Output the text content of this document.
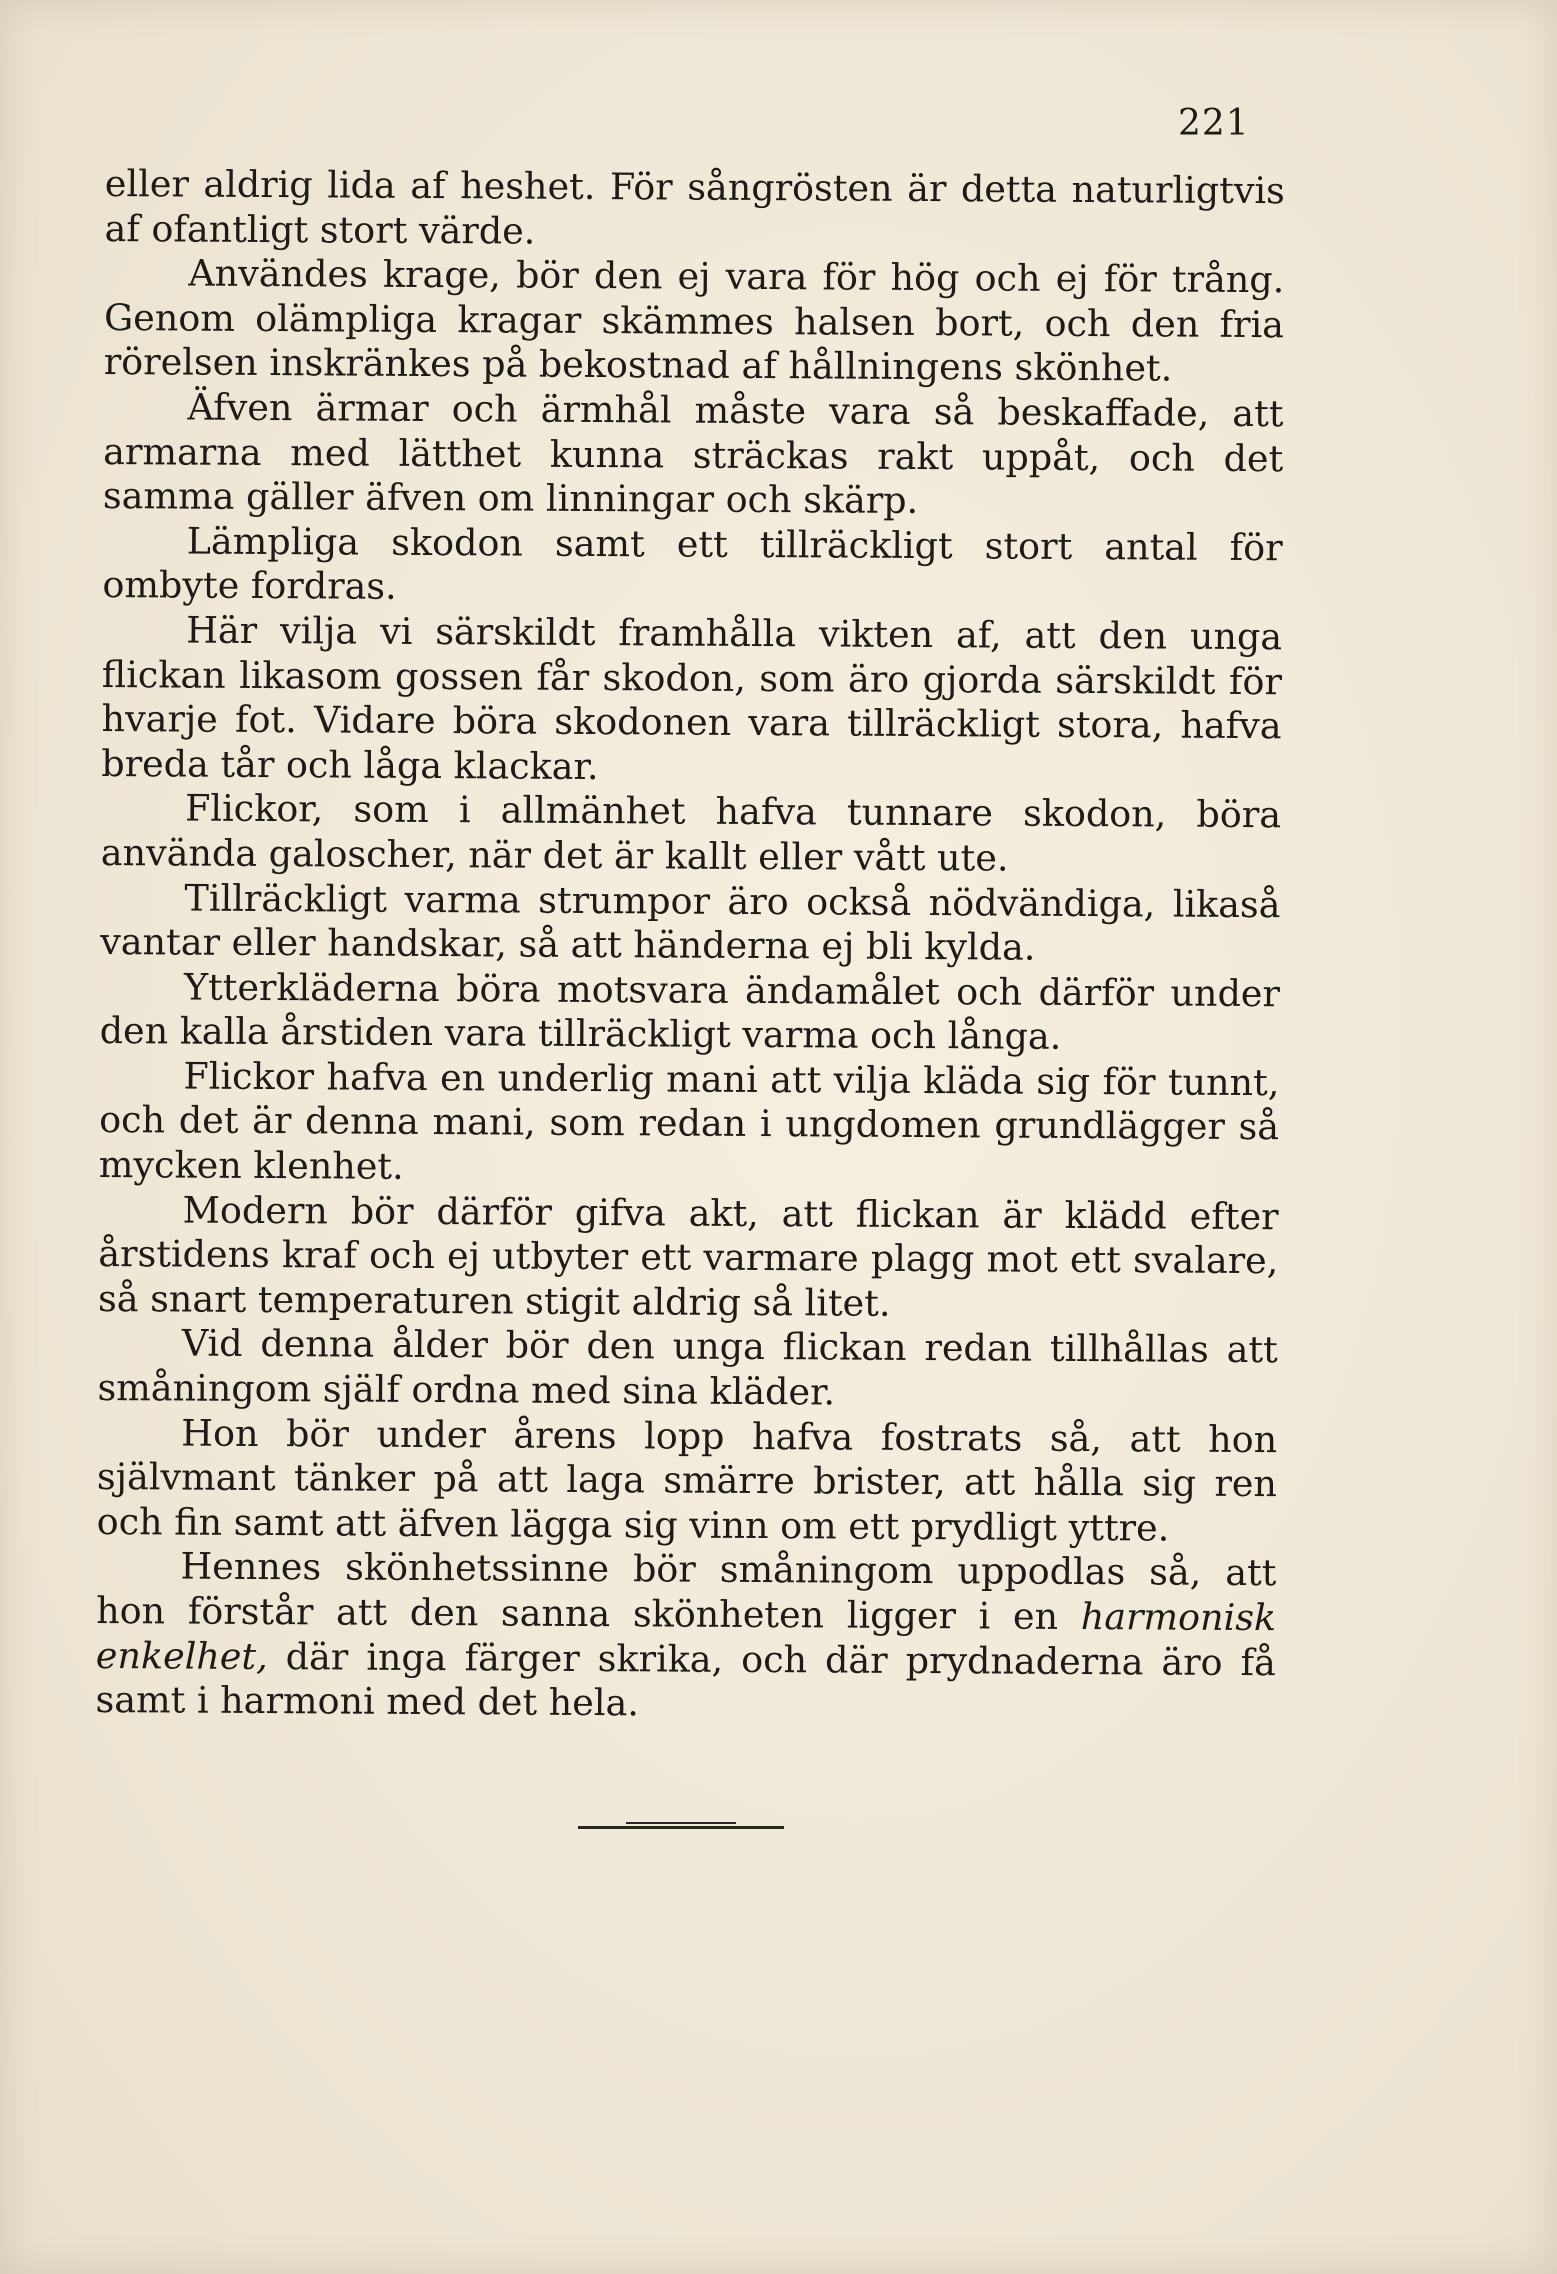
221

eller aldrig lida af heshet. För sångrösten är detta naturligtvis af ofantligt stort värde.

Användes krage, bör den ej vara för hög och ej för trång. Genom olämpliga kragar skämmes halsen bort, och den fria rörelsen inskränkes på bekostnad af hållningens skönhet.

Äfven ärmar och ärmhål måste vara så beskaffade, att armarna med lätthet kunna sträckas rakt uppåt, och det samma gäller äfven om linningar och skärp.

Lämpliga skodon samt ett tillräckligt stort antal för ombyte fordras.

Här vilja vi särskildt framhålla vikten af, att den unga flickan likasom gossen får skodon, som äro gjorda särskildt för hvarje fot. Vidare böra skodonen vara tillräckligt stora, hafva breda tår och låga klackar.

Flickor, som i allmänhet hafva tunnare skodon, böra använda galoscher, när det är kallt eller vått ute.

Tillräckligt varma strumpor äro också nödvändiga, likaså vantar eller handskar, så att händerna ej bli kylda.

Ytterkläderna böra motsvara ändamålet och därför under den kalla årstiden vara tillräckligt varma och långa.

Flickor hafva en underlig mani att vilja kläda sig för tunnt, och det är denna mani, som redan i ungdomen grundlägger så mycken klenhet.

Modern bör därför gifva akt, att flickan är klädd efter årstidens kraf och ej utbyter ett varmare plagg mot ett svalare, så snart temperaturen stigit aldrig så litet.

Vid denna ålder bör den unga flickan redan tillhållas att småningom själf ordna med sina kläder.

Hon bör under årens lopp hafva fostrats så, att hon självmant tänker på att laga smärre brister, att hålla sig ren och fin samt att äfven lägga sig vinn om ett prydligt yttre.

Hennes skönhetssinne bör småningom uppodlas så, att hon förstår att den sanna skönheten ligger i en harmonisk enkelhet, där inga färger skrika, och där prydnaderna äro få samt i harmoni med det hela.
